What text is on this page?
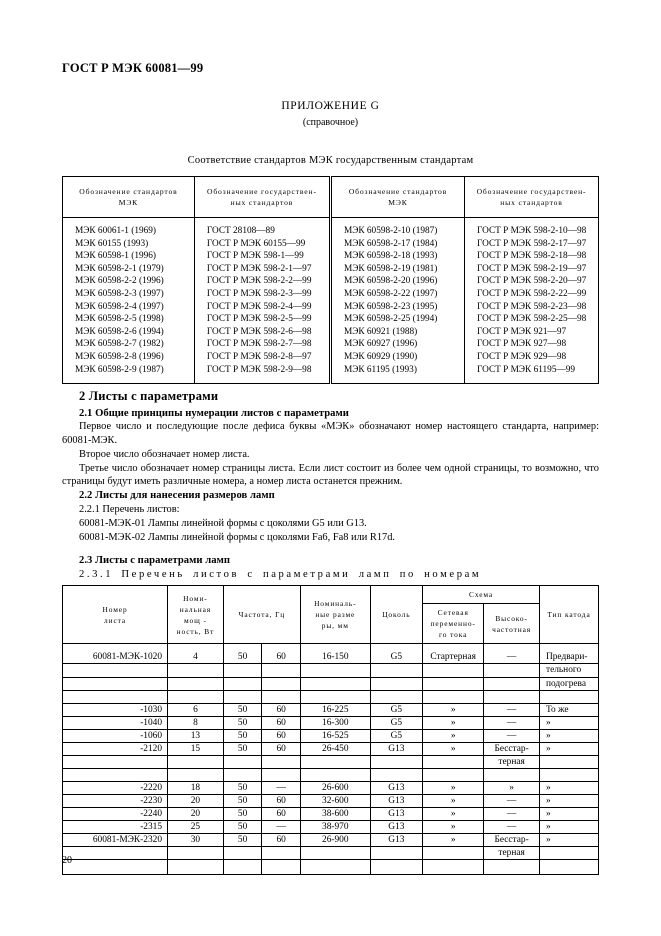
ГОСТ Р МЭК 60081—99
ПРИЛОЖЕНИЕ G
(справочное)
Соответствие стандартов МЭК государственным стандартам
Обозначение стандартов
МЭК

Обозначение государствен-
ных стандартов

Обозначение стандартов
МЭК

Обозначение государствен-
ных стандартов

МЭК 60061-1 (1969)
МЭК 60155 (1993)
МЭК 60598-1 (1996)
МЭК 60598-2-1 (1979)
МЭК 60598-2-2 (1996)
МЭК 60598-2-3 (1997)
МЭК 60598-2-4 (1997)
МЭК 60598-2-5 (1998)
МЭК 60598-2-6 (1994)
МЭК 60598-2-7 (1982)
МЭК 60598-2-8 (1996)
МЭК 60598-2-9 (1987)

ГОСТ 28108—89
ГОСТ Р МЭК 60155—99
ГОСТ Р МЭК 598-1—99
ГОСТ Р МЭК 598-2-1—97
ГОСТ Р МЭК 598-2-2—99
ГОСТ Р МЭК 598-2-3—99
ГОСТ Р МЭК 598-2-4—99
ГОСТ Р МЭК 598-2-5—99
ГОСТ Р МЭК 598-2-6—98
ГОСТ Р МЭК 598-2-7—98
ГОСТ Р МЭК 598-2-8—97
ГОСТ Р МЭК 598-2-9—98

МЭК 60598-2-10 (1987)
МЭК 60598-2-17 (1984)
МЭК 60598-2-18 (1993)
МЭК 60598-2-19 (1981)
МЭК 60598-2-20 (1996)
МЭК 60598-2-22 (1997)
МЭК 60598-2-23 (1995)
МЭК 60598-2-25 (1994)
МЭК 60921 (1988)
МЭК 60927 (1996)
МЭК 60929 (1990)
МЭК 61195 (1993)

ГОСТ Р МЭК 598-2-10—98
ГОСТ Р МЭК 598-2-17—97
ГОСТ Р МЭК 598-2-18—98
ГОСТ Р МЭК 598-2-19—97
ГОСТ Р МЭК 598-2-20—97
ГОСТ Р МЭК 598-2-22—99
ГОСТ Р МЭК 598-2-23—98
ГОСТ Р МЭК 598-2-25—98
ГОСТ Р МЭК 921—97
ГОСТ Р МЭК 927—98
ГОСТ Р МЭК 929—98
ГОСТ Р МЭК 61195—99
2 Листы с параметрами
2.1 Общие принципы нумерации листов с параметрами

Первое число и последующие после дефиса буквы «МЭК» обозначают номер настоящего стандарта, например: 60081-МЭК.

Второе число обозначает номер листа.

Третье число обозначает номер страницы листа. Если лист состоит из более чем одной страницы, то возможно, что страницы будут иметь различные номера, а номер листа останется прежним.

2.2 Листы для нанесения размеров ламп

2.2.1 Перечень листов:

60081-МЭК-01 Лампы линейной формы с цоколями G5 или G13.

60081-МЭК-02 Лампы линейной формы с цоколями Fa6, Fa8 или R17d.

2.3 Листы с параметрами ламп
2.3.1 Перечень листов с параметрами ламп по номерам
Номер
листа

Номи-
нальная
мощ -
ность, Вт
	Частота, Гц	
Номиналь-
ные разме
ры, мм
	Цоколь	Схема	Тип катода

Сетевая
переменно-
го тока

Высоко-
частотная

60081-МЭК-1020	4	50	60	16-150	G5	Стартерная	—	Предвари-
								тельного
								подогрева

-1030	6	50	60	16-225	G5	»	—	То же
-1040	8	50	60	16-300	G5	»	—	»
-1060	13	50	60	16-525	G5	»	—	»
-2120	15	50	60	26-450	G13	»	Бесстар-	»
							терная	

-2220	18	50	—	26-600	G13	»	»	»
-2230	20	50	60	32-600	G13	»	—	»
-2240	20	50	60	38-600	G13	»	—	»
-2315	25	50	—	38-970	G13	»	—	»
60081-МЭК-2320	30	50	60	26-900	G13	»	Бесстар-	»
							терная	

20
